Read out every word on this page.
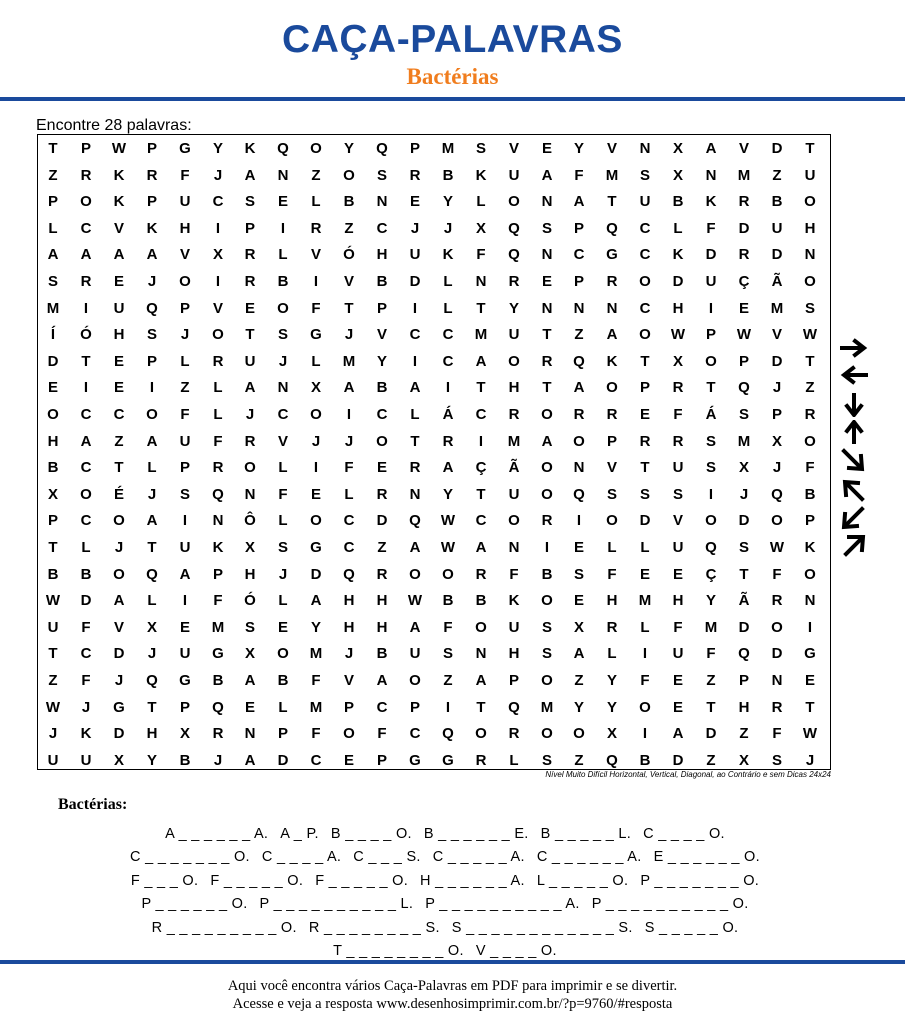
CAÇA-PALAVRAS
Bactérias
Encontre 28 palavras:
T	P	W	P	G	Y	K	Q	O	Y	Q	P	M	S	V	E	Y	V	N	X	A	V	D	T
Z	R	K	R	F	J	A	N	Z	O	S	R	B	K	U	A	F	M	S	X	N	M	Z	U
P	O	K	P	U	C	S	E	L	B	N	E	Y	L	O	N	A	T	U	B	K	R	B	O
L	C	V	K	H	I	P	I	R	Z	C	J	J	X	Q	S	P	Q	C	L	F	D	U	H
A	A	A	A	V	X	R	L	V	Ó	H	U	K	F	Q	N	C	G	C	K	D	R	D	N
S	R	E	J	O	I	R	B	I	V	B	D	L	N	R	E	P	R	O	D	U	Ç	Ã	O
M	I	U	Q	P	V	E	O	F	T	P	I	L	T	Y	N	N	N	C	H	I	E	M	S
Í	Ó	H	S	J	O	T	S	G	J	V	C	C	M	U	T	Z	A	O	W	P	W	V	W
D	T	E	P	L	R	U	J	L	M	Y	I	C	A	O	R	Q	K	T	X	O	P	D	T
E	I	E	I	Z	L	A	N	X	A	B	A	I	T	H	T	A	O	P	R	T	Q	J	Z
O	C	C	O	F	L	J	C	O	I	C	L	Á	C	R	O	R	R	E	F	Á	S	P	R
H	A	Z	A	U	F	R	V	J	J	O	T	R	I	M	A	O	P	R	R	S	M	X	O
B	C	T	L	P	R	O	L	I	F	E	R	A	Ç	Ã	O	N	V	T	U	S	X	J	F
X	O	É	J	S	Q	N	F	E	L	R	N	Y	T	U	O	Q	S	S	S	I	J	Q	B
P	C	O	A	I	N	Ô	L	O	C	D	Q	W	C	O	R	I	O	D	V	O	D	O	P
T	L	J	T	U	K	X	S	G	C	Z	A	W	A	N	I	E	L	L	U	Q	S	W	K
B	B	O	Q	A	P	H	J	D	Q	R	O	O	R	F	B	S	F	E	E	Ç	T	F	O
W	D	A	L	I	F	Ó	L	A	H	H	W	B	B	K	O	E	H	M	H	Y	Ã	R	N
U	F	V	X	E	M	S	E	Y	H	H	A	F	O	U	S	X	R	L	F	M	D	O	I
T	C	D	J	U	G	X	O	M	J	B	U	S	N	H	S	A	L	I	U	F	Q	D	G
Z	F	J	Q	G	B	A	B	F	V	A	O	Z	A	P	O	Z	Y	F	E	Z	P	N	E
W	J	G	T	P	Q	E	L	M	P	C	P	I	T	Q	M	Y	Y	O	E	T	H	R	T
J	K	D	H	X	R	N	P	F	O	F	C	Q	O	R	O	O	X	I	A	D	Z	F	W
U	U	X	Y	B	J	A	D	C	E	P	G	G	R	L	S	Z	Q	B	D	Z	X	S	J
Nível Muito Difícil Horizontal, Vertical, Diagonal, ao Contrário e sem Dicas 24x24
Bactérias:
A _ _ _ _ _ _ A. A _ P. B _ _ _ _ O. B _ _ _ _ _ _ E. B _ _ _ _ _ L. C _ _ _ _ O.
C _ _ _ _ _ _ _ O. C _ _ _ _ A. C _ _ _ S. C _ _ _ _ _ A. C _ _ _ _ _ _ A. E _ _ _ _ _ _ O.
F _ _ _ O. F _ _ _ _ _ O. F _ _ _ _ _ O. H _ _ _ _ _ _ A. L _ _ _ _ _ O. P _ _ _ _ _ _ _ O.
P _ _ _ _ _ _ O. P _ _ _ _ _ _ _ _ _ _ L. P _ _ _ _ _ _ _ _ _ _ A. P _ _ _ _ _ _ _ _ _ _ O.
R _ _ _ _ _ _ _ _ _ O. R _ _ _ _ _ _ _ _ S. S _ _ _ _ _ _ _ _ _ _ _ _ S. S _ _ _ _ _ O.
T _ _ _ _ _ _ _ _ O. V _ _ _ _ O.
Aqui você encontra vários Caça-Palavras em PDF para imprimir e se divertir.
Acesse e veja a resposta www.desenhosimprimir.com.br/?p=9760/#resposta
